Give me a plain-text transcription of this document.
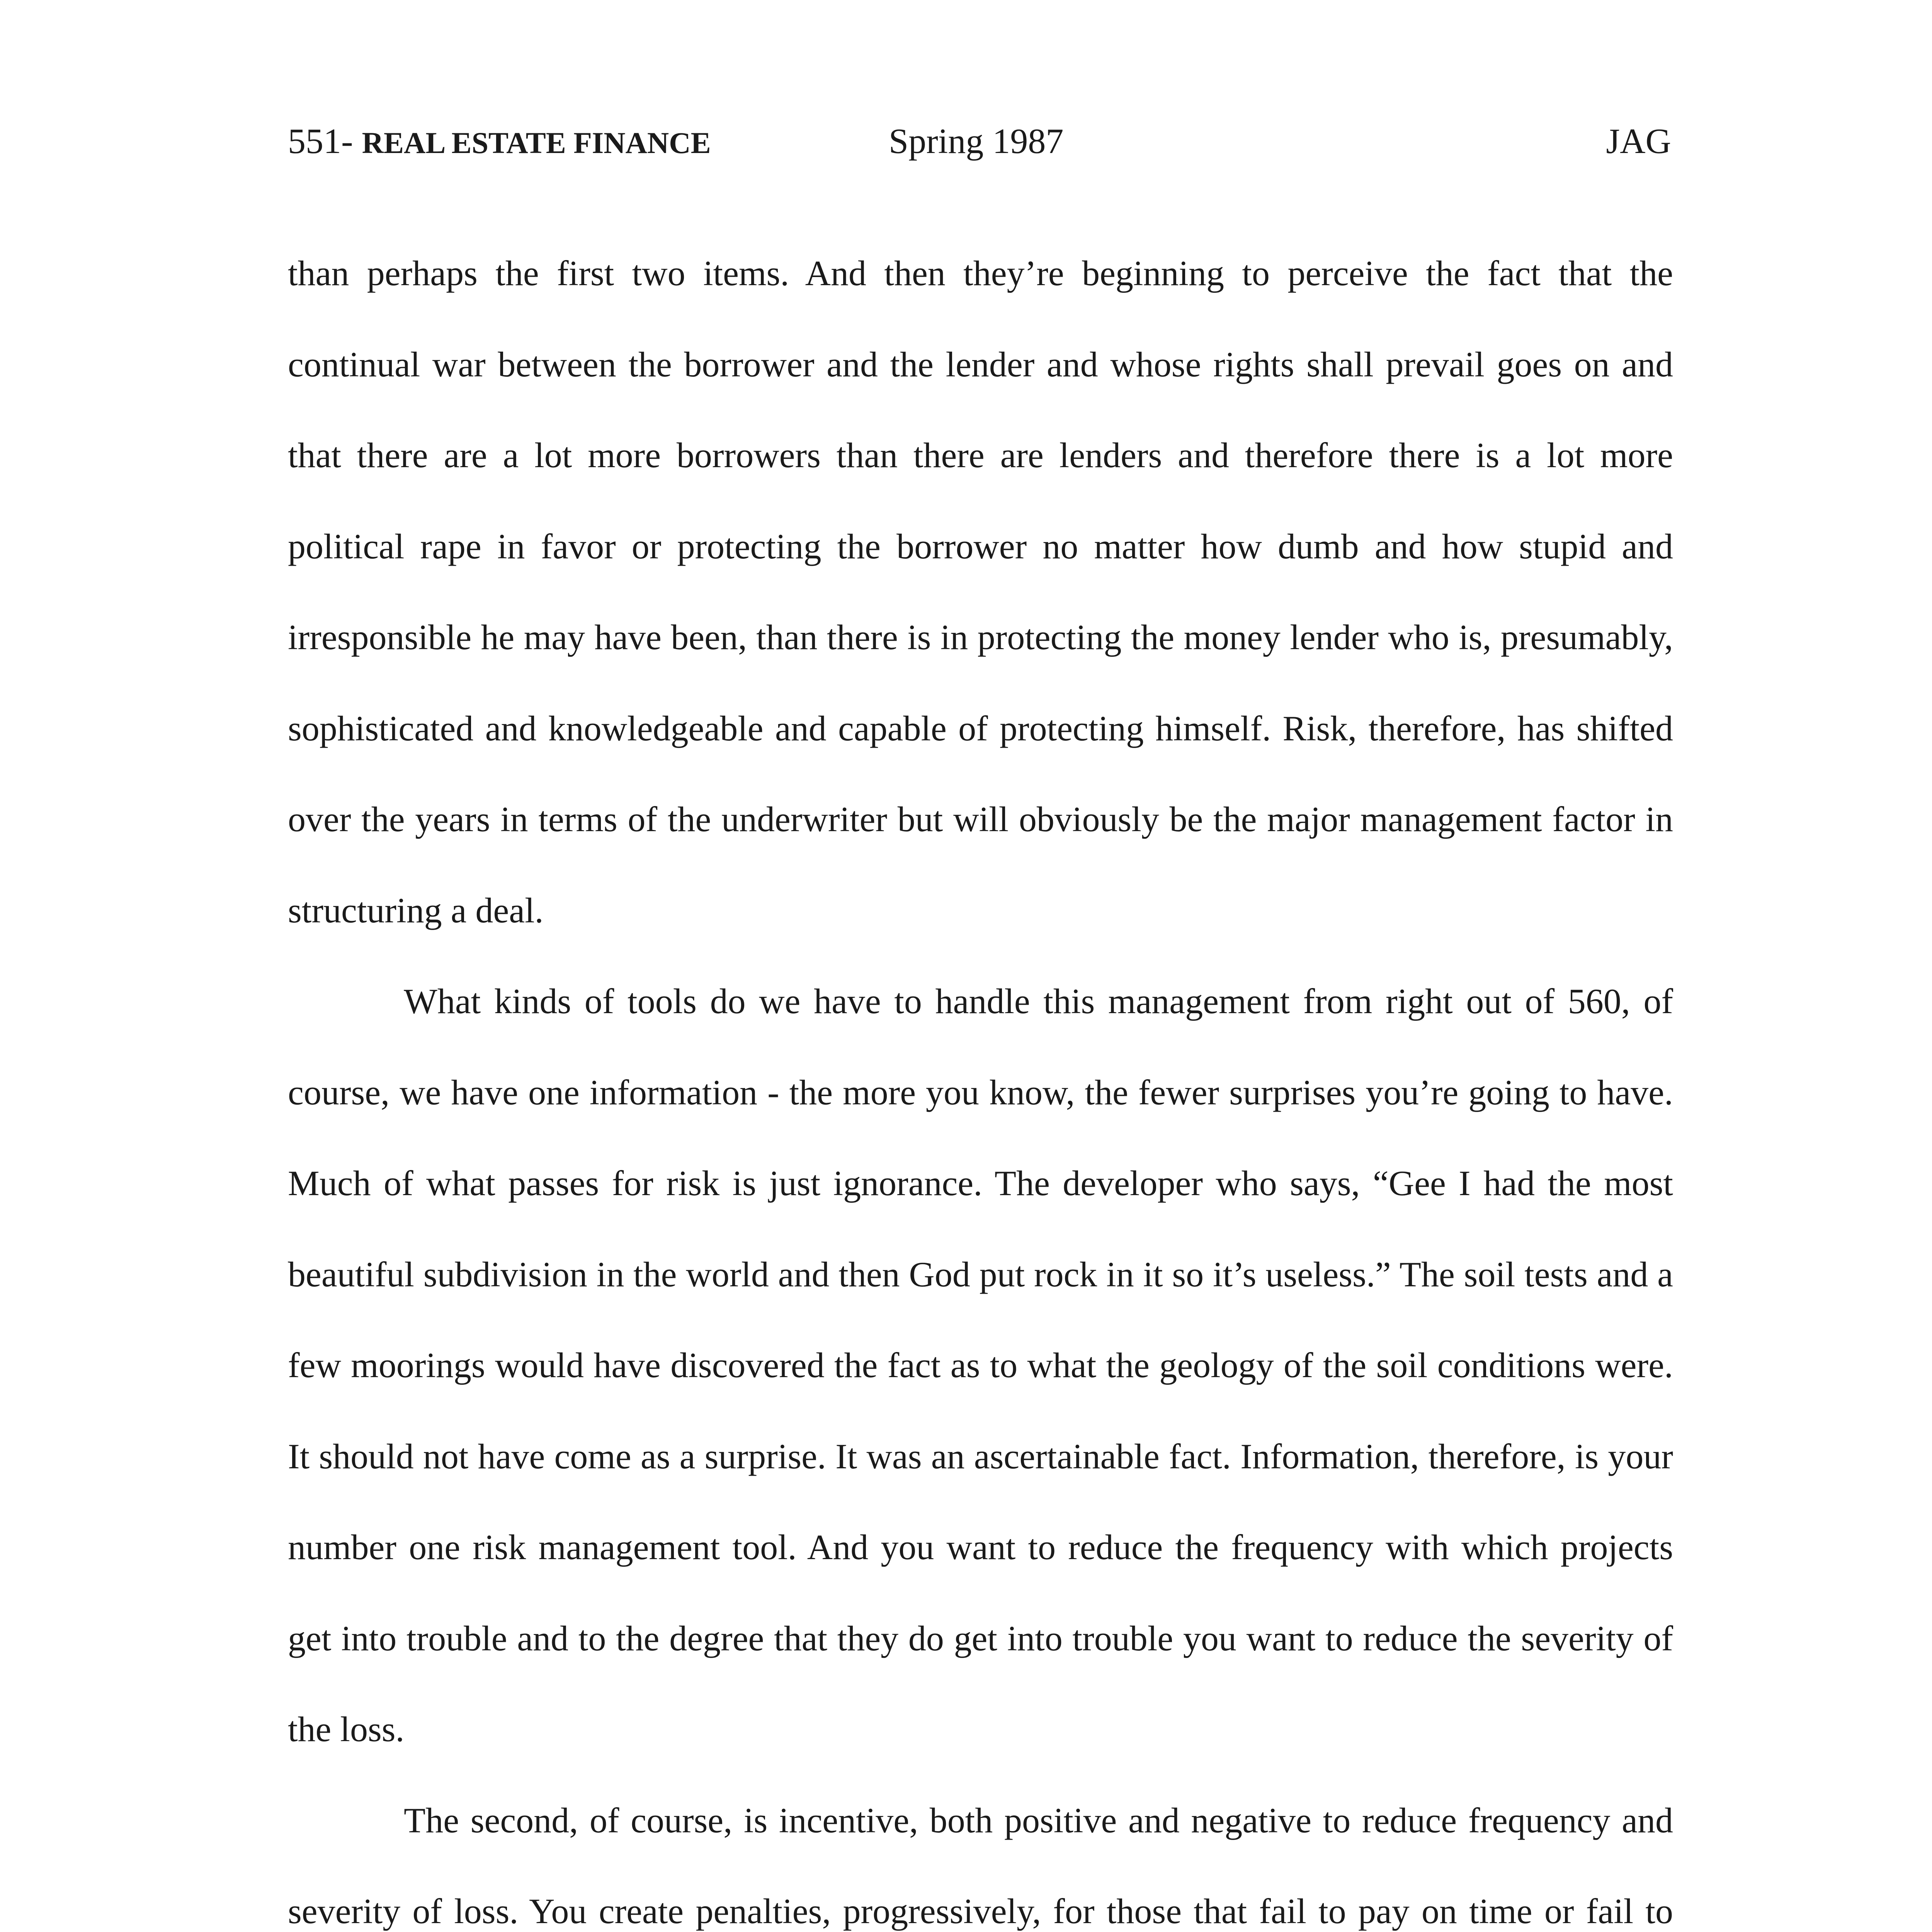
551- REAL ESTATE FINANCE	Spring 1987	JAG

than perhaps the first two items. And then they’re beginning to perceive the fact that the continual war between the borrower and the lender and whose rights shall prevail goes on and that there are a lot more borrowers than there are lenders and therefore there is a lot more political rape in favor or protecting the borrower no matter how dumb and how stupid and irresponsible he may have been, than there is in protecting the money lender who is, presumably, sophisticated and knowledgeable and capable of protecting himself. Risk, therefore, has shifted over the years in terms of the underwriter but will obviously be the major management factor in structuring a deal.

What kinds of tools do we have to handle this management from right out of 560, of course, we have one information - the more you know, the fewer surprises you’re going to have. Much of what passes for risk is just ignorance. The developer who says, “Gee I had the most beautiful subdivision in the world and then God put rock in it so it’s useless.” The soil tests and a few moorings would have discovered the fact as to what the geology of the soil conditions were. It should not have come as a surprise. It was an ascertainable fact. Information, therefore, is your number one risk management tool. And you want to reduce the frequency with which projects get into trouble and to the degree that they do get into trouble you want to reduce the severity of the loss.

The second, of course, is incentive, both positive and negative to reduce frequency and severity of loss. You create penalties, progressively, for those that fail to pay on time or fail to
